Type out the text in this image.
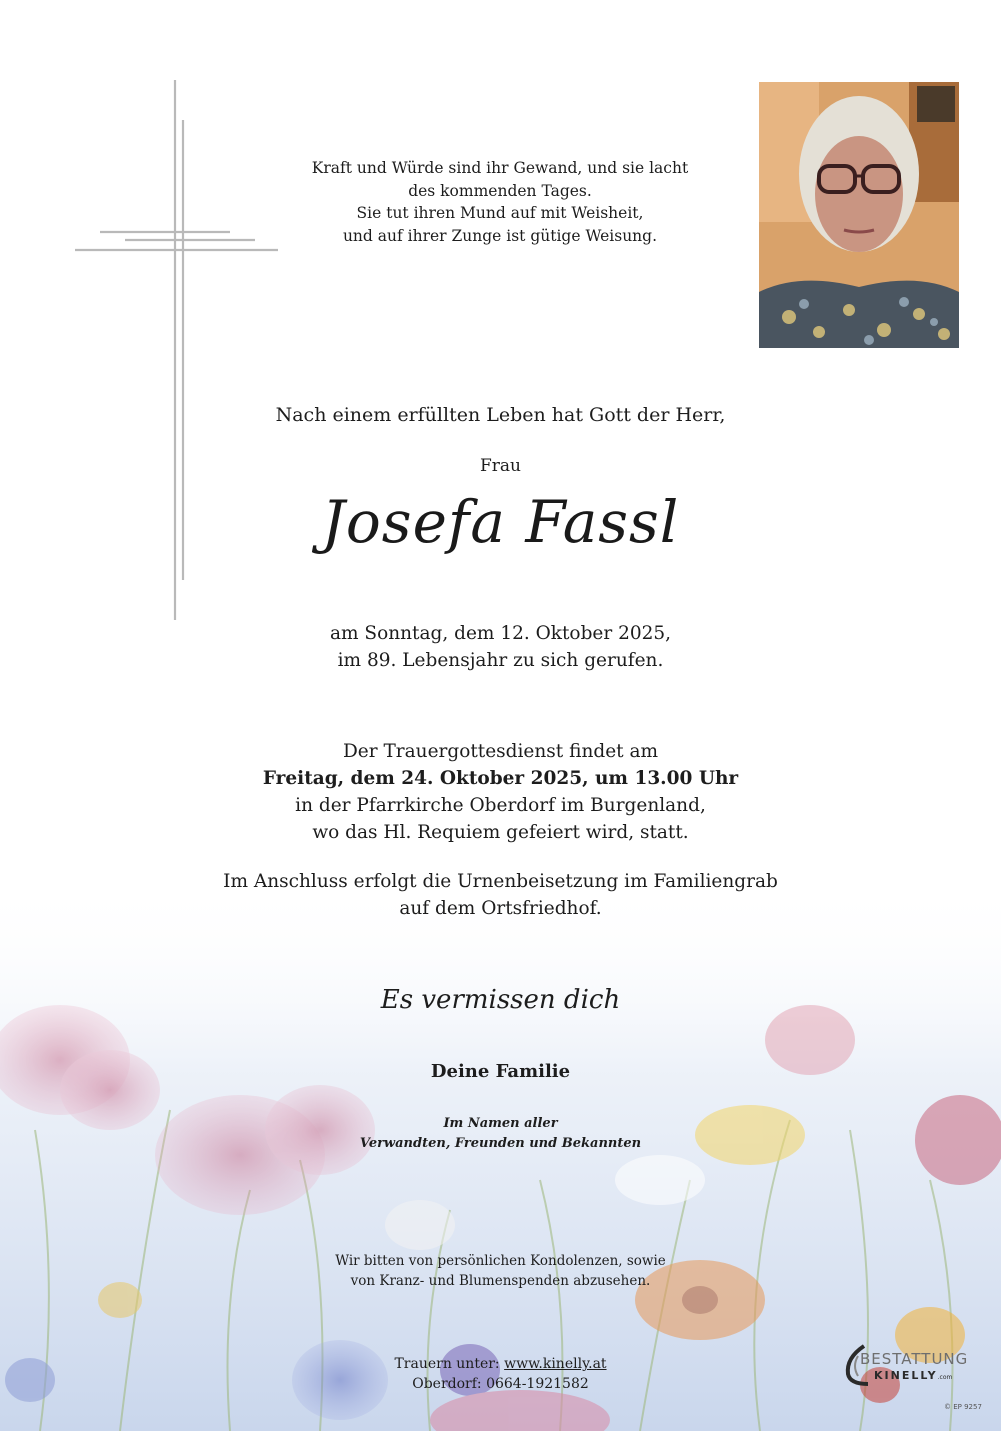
Kraft und Würde sind ihr Gewand, und sie lacht
des kommenden Tages.
Sie tut ihren Mund auf mit Weisheit,
und auf ihrer Zunge ist gütige Weisung.
Nach einem erfüllten Leben hat Gott der Herr,
Frau
Josefa Fassl
am Sonntag, dem 12. Oktober 2025,
im 89. Lebensjahr zu sich gerufen.
Der Trauergottesdienst findet am
Freitag, dem 24. Oktober 2025, um 13.00 Uhr
in der Pfarrkirche Oberdorf im Burgenland,
wo das Hl. Requiem gefeiert wird, statt.
Im Anschluss erfolgt die Urnenbeisetzung im Familiengrab
auf dem Ortsfriedhof.
Es vermissen dich
Deine Familie
Im Namen aller
Verwandten, Freunden und Bekannten
Wir bitten von persönlichen Kondolenzen, sowie
von Kranz- und Blumenspenden abzusehen.
Trauern unter: www.kinelly.at
Oberdorf: 0664-1921582
BESTATTUNG
KINELLY.com
© EP 9257
